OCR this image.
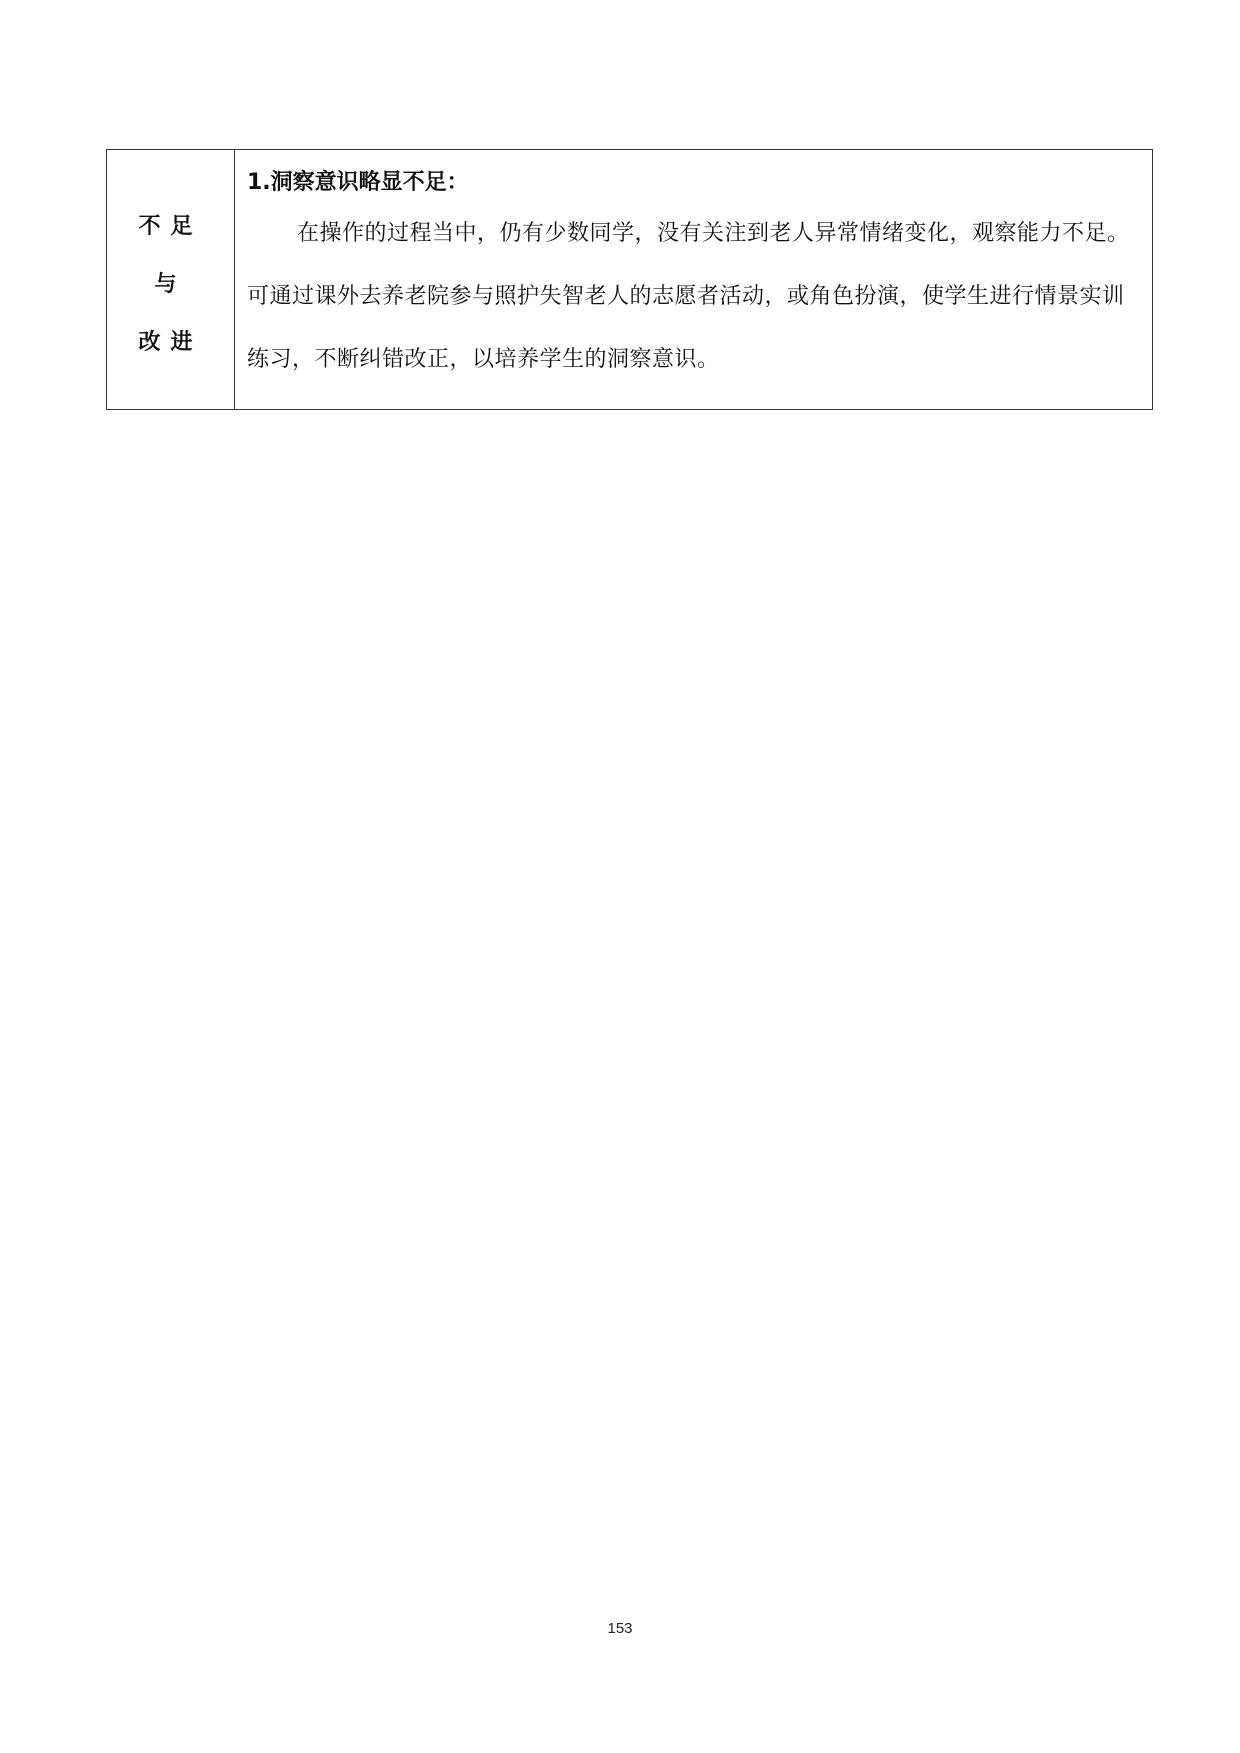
不足
与
改进

1.洞察意识略显不足：

在操作的过程当中，仍有少数同学，没有关注到老人异常情绪变化，观察能力不足。可通过课外去养老院参与照护失智老人的志愿者活动，或角色扮演，使学生进行情景实训练习，不断纠错改正，以培养学生的洞察意识。

153
